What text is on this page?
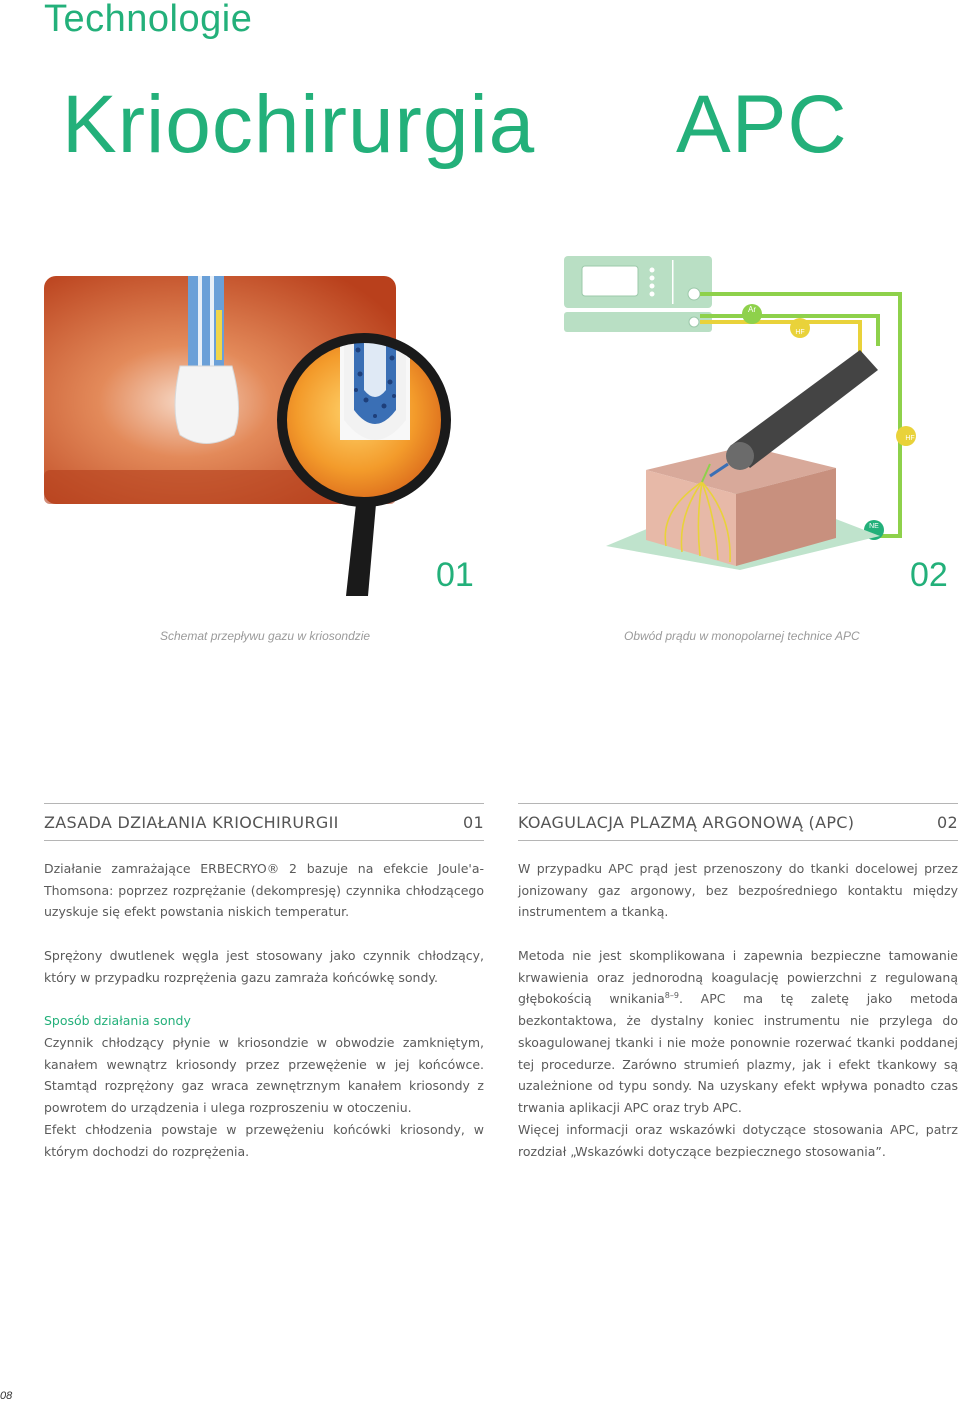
Technologie
Kriochirurgia APC
Ar
HF
HF
NE
01	02
Schemat przepływu gazu w kriosondzie	Obwód prądu w monopolarnej technice APC
ZASADA DZIAŁANIA KRIOCHIRURGII	01
Działanie zamrażające ERBECRYO® 2 bazuje na efekcie Joule'a-Thomsona: poprzez rozprężanie (dekompresję) czynnika chłodzącego uzyskuje się efekt powstania niskich temperatur.
Sprężony dwutlenek węgla jest stosowany jako czynnik chłodzący, który w przypadku rozprężenia gazu zamraża końcówkę sondy.
Sposób działania sondy
Czynnik chłodzący płynie w kriosondzie w obwodzie zamkniętym, kanałem wewnątrz kriosondy przez przewężenie w jej końcówce. Stamtąd rozprężony gaz wraca zewnętrznym kanałem kriosondy z powrotem do urządzenia i ulega rozproszeniu w otoczeniu.
Efekt chłodzenia powstaje w przewężeniu końcówki kriosondy, w którym dochodzi do rozprężenia.
KOAGULACJA PLAZMĄ ARGONOWĄ (APC)	02
W przypadku APC prąd jest przenoszony do tkanki docelowej przez jonizowany gaz argonowy, bez bezpośredniego kontaktu między instrumentem a tkanką.
Metoda nie jest skomplikowana i zapewnia bezpieczne tamowanie krwawienia oraz jednorodną koagulację powierzchni z regulowaną głębokością wnikania$^{8-9}$. APC ma tę zaletę jako metoda bezkontaktowa, że dystalny koniec instrumentu nie przylega do skoagulowanej tkanki i nie może ponownie rozerwać tkanki poddanej tej procedurze. Zarówno strumień plazmy, jak i efekt tkankowy są uzależnione od typu sondy. Na uzyskany efekt wpływa ponadto czas trwania aplikacji APC oraz tryb APC.
Więcej informacji oraz wskazówki dotyczące stosowania APC, patrz rozdział „Wskazówki dotyczące bezpiecznego stosowania”.
08
